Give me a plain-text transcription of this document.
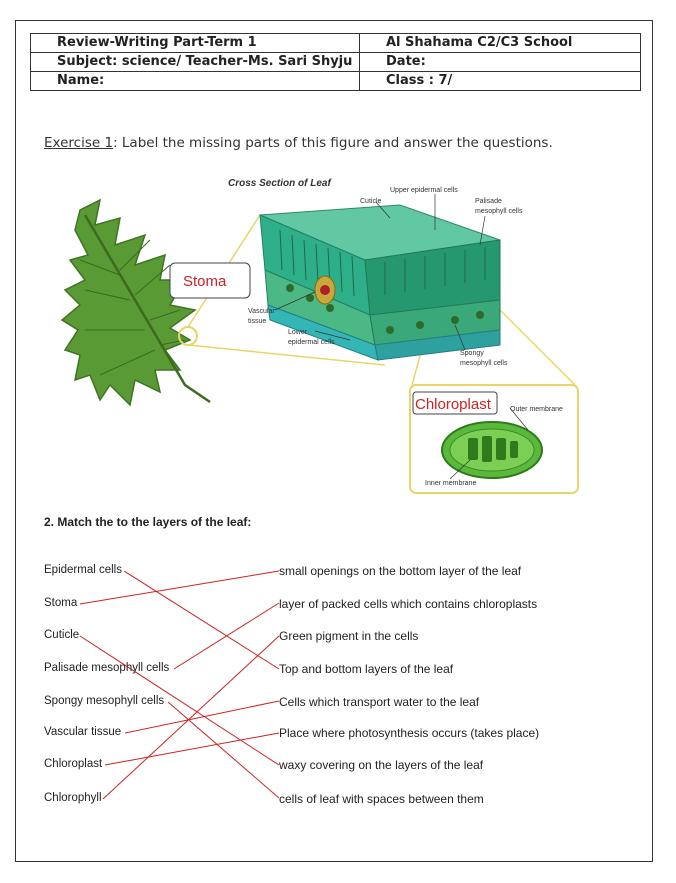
Review-Writing Part-Term 1	Al Shahama C2/C3 School
Subject: science/ Teacher-Ms. Sari Shyju	Date:
Name:	Class : 7/
Exercise 1: Label the missing parts of this figure and answer the questions.
Cross Section of Leaf
Cuticle
Upper epidermal cells
Palisade
mesophyll cells
Vascular
tissue
Lower
epidermal cells
Spongy
mesophyll cells
Outer membrane
Inner membrane
Stoma
Chloroplast
2. Match the to the layers of the leaf:
Epidermal cells
Stoma
Cuticle
Palisade mesophyll cells
Spongy mesophyll cells
Vascular tissue
Chloroplast
Chlorophyll
small openings on the bottom layer of the leaf
layer of packed cells which contains chloroplasts
Green pigment in the cells
Top and bottom layers of the leaf
Cells which transport water to the leaf
Place where photosynthesis occurs (takes place)
waxy covering on the layers of the leaf
cells of leaf with spaces between them
